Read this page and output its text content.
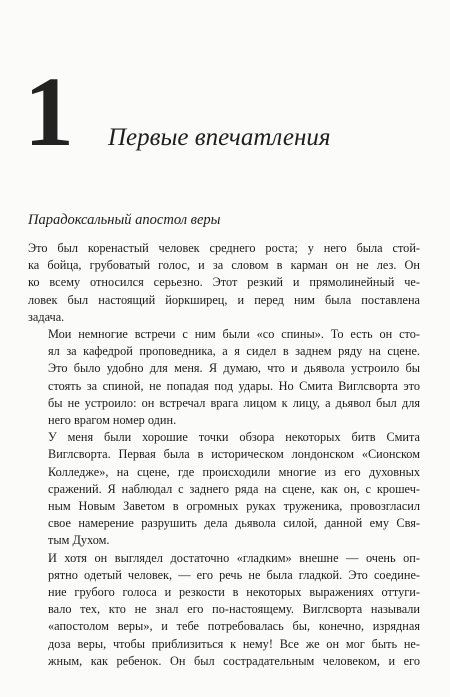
1 Первые впечатления
Парадоксальный апостол веры

Это был коренастый человек среднего роста; у него была стой-
ка бойца, грубоватый голос, и за словом в карман он не лез. Он
ко всему относился серьезно. Этот резкий и прямолинейный че-
ловек был настоящий йоркширец, и перед ним была поставлена
задача.

Мои немногие встречи с ним были «со спины». То есть он сто-
ял за кафедрой проповедника, а я сидел в заднем ряду на сцене.
Это было удобно для меня. Я думаю, что и дьявола устроило бы
стоять за спиной, не попадая под удары. Но Смита Виглсворта это
бы не устроило: он встречал врага лицом к лицу, а дьявол был для
него врагом номер один.

У меня были хорошие точки обзора некоторых битв Смита
Виглсворта. Первая была в историческом лондонском «Сионском
Колледже», на сцене, где происходили многие из его духовных
сражений. Я наблюдал с заднего ряда на сцене, как он, с крошеч-
ным Новым Заветом в огромных руках труженика, провозгласил
свое намерение разрушить дела дьявола силой, данной ему Свя-
тым Духом.

И хотя он выглядел достаточно «гладким» внешне — очень оп-
рятно одетый человек, — его речь не была гладкой. Это соедине-
ние грубого голоса и резкости в некоторых выражениях оттуги-
вало тех, кто не знал его по-настоящему. Виглсворта называли
«апостолом веры», и тебе потребовалась бы, конечно, изрядная
доза веры, чтобы приблизиться к нему! Все же он мог быть не-
жным, как ребенок. Он был сострадательным человеком, и его
